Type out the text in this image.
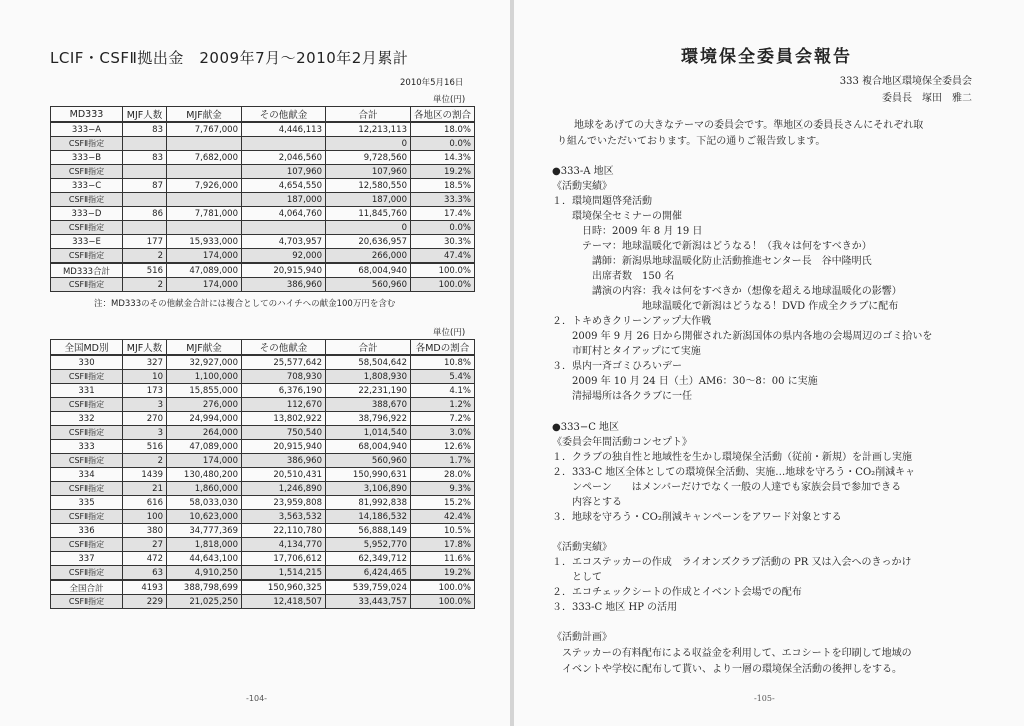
LCIF・CSFⅡ拠出金　2009年7月～2010年2月累計
2010年5月16日
単位(円)
MD333	MJF人数	MJF献金	その他献金	合計	各地区の割合
333−A	83	7,767,000	4,446,113	12,213,113	18.0%
CSFⅡ指定				0	0.0%
333−B	83	7,682,000	2,046,560	9,728,560	14.3%
CSFⅡ指定			107,960	107,960	19.2%
333−C	87	7,926,000	4,654,550	12,580,550	18.5%
CSFⅡ指定			187,000	187,000	33.3%
333−D	86	7,781,000	4,064,760	11,845,760	17.4%
CSFⅡ指定				0	0.0%
333−E	177	15,933,000	4,703,957	20,636,957	30.3%
CSFⅡ指定	2	174,000	92,000	266,000	47.4%
MD333合計	516	47,089,000	20,915,940	68,004,940	100.0%
CSFⅡ指定	2	174,000	386,960	560,960	100.0%
注：MD333のその他献金合計には複合としてのハイチへの献金100万円を含む
単位(円)
全国MD別	MJF人数	MJF献金	その他献金	合計	各MDの割合
330	327	32,927,000	25,577,642	58,504,642	10.8%
CSFⅡ指定	10	1,100,000	708,930	1,808,930	5.4%
331	173	15,855,000	6,376,190	22,231,190	4.1%
CSFⅡ指定	3	276,000	112,670	388,670	1.2%
332	270	24,994,000	13,802,922	38,796,922	7.2%
CSFⅡ指定	3	264,000	750,540	1,014,540	3.0%
333	516	47,089,000	20,915,940	68,004,940	12.6%
CSFⅡ指定	2	174,000	386,960	560,960	1.7%
334	1439	130,480,200	20,510,431	150,990,631	28.0%
CSFⅡ指定	21	1,860,000	1,246,890	3,106,890	9.3%
335	616	58,033,030	23,959,808	81,992,838	15.2%
CSFⅡ指定	100	10,623,000	3,563,532	14,186,532	42.4%
336	380	34,777,369	22,110,780	56,888,149	10.5%
CSFⅡ指定	27	1,818,000	4,134,770	5,952,770	17.8%
337	472	44,643,100	17,706,612	62,349,712	11.6%
CSFⅡ指定	63	4,910,250	1,514,215	6,424,465	19.2%
全国合計	4193	388,798,699	150,960,325	539,759,024	100.0%
CSFⅡ指定	229	21,025,250	12,418,507	33,443,757	100.0%
-104-
環境保全委員会報告
333 複合地区環境保全委員会
委員長　塚田　雅二
　地球をあげての大きなテーマの委員会です。準地区の委員長さんにそれぞれ取
り組んでいただいております。下記の通りご報告致します。
●333-A 地区
《活動実績》
１．環境問題啓発活動
　　環境保全セミナーの開催
　　　日時：2009 年 8 月 19 日
　　　テーマ：地球温暖化で新潟はどうなる！（我々は何をすべきか）
　　　　講師：新潟県地球温暖化防止活動推進センター長　谷中隆明氏
　　　　出席者数　150 名
　　　　講演の内容：我々は何をすべきか（想像を超える地球温暖化の影響）
　　　　　　　　　地球温暖化で新潟はどうなる！DVD 作成全クラブに配布
２．トキめきクリーンアップ大作戦
　　2009 年 9 月 26 日から開催された新潟国体の県内各地の会場周辺のゴミ拾いを
　　市町村とタイアップにて実施
３．県内一斉ゴミひろいデー
　　2009 年 10 月 24 日（土）AM6：30〜8：00 に実施
　　清掃場所は各クラブに一任
●333−C 地区
《委員会年間活動コンセプト》
１．クラブの独自性と地域性を生かし環境保全活動（従前・新規）を計画し実施
２．333-C 地区全体としての環境保全活動、実施…地球を守ろう・CO₂削減キャ
　　ンペーン　　はメンバーだけでなく一般の人達でも家族会員で参加できる
　　内容とする
３．地球を守ろう・CO₂削減キャンペーンをアワード対象とする
《活動実績》
１．エコステッカーの作成　ライオンズクラブ活動の PR 又は入会へのきっかけ
　　として
２．エコチェックシートの作成とイベント会場での配布
３．333-C 地区 HP の活用
《活動計画》
　ステッカーの有料配布による収益金を利用して、エコシートを印刷して地域の
　イベントや学校に配布して貰い、より一層の環境保全活動の後押しをする。
-105-
